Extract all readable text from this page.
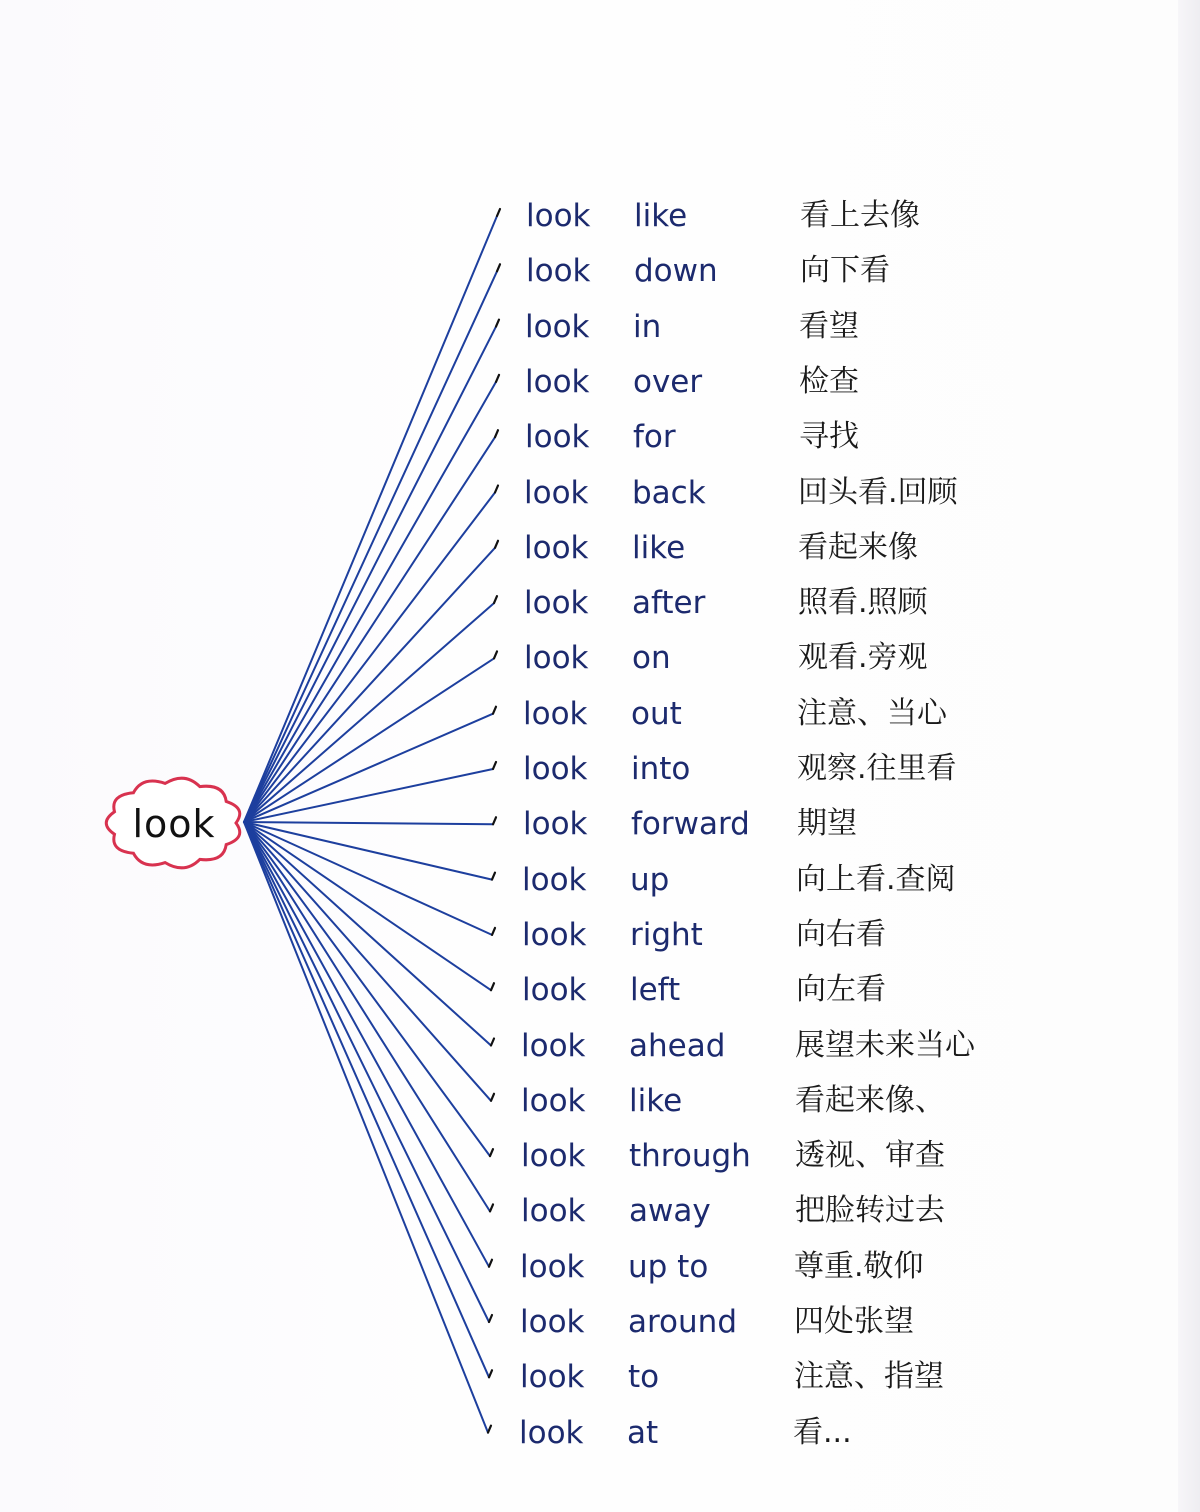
look
look like	看上去像
look down	向下看
look in	看望
look over	检查
look for	寻找
look back	回头看.回顾
look like	看起来像
look after	照看.照顾
look on	观看.旁观
look out	注意、当心
look into	观察.往里看
look forward 期望
look up	向上看.查阅
look right	向右看
look left	向左看
look ahead 展望未来当心
look like	看起来像、
look through 透视、审查
look away	把脸转过去
look up to	尊重.敬仰
look around 四处张望
look to	注意、指望
look at	看...
